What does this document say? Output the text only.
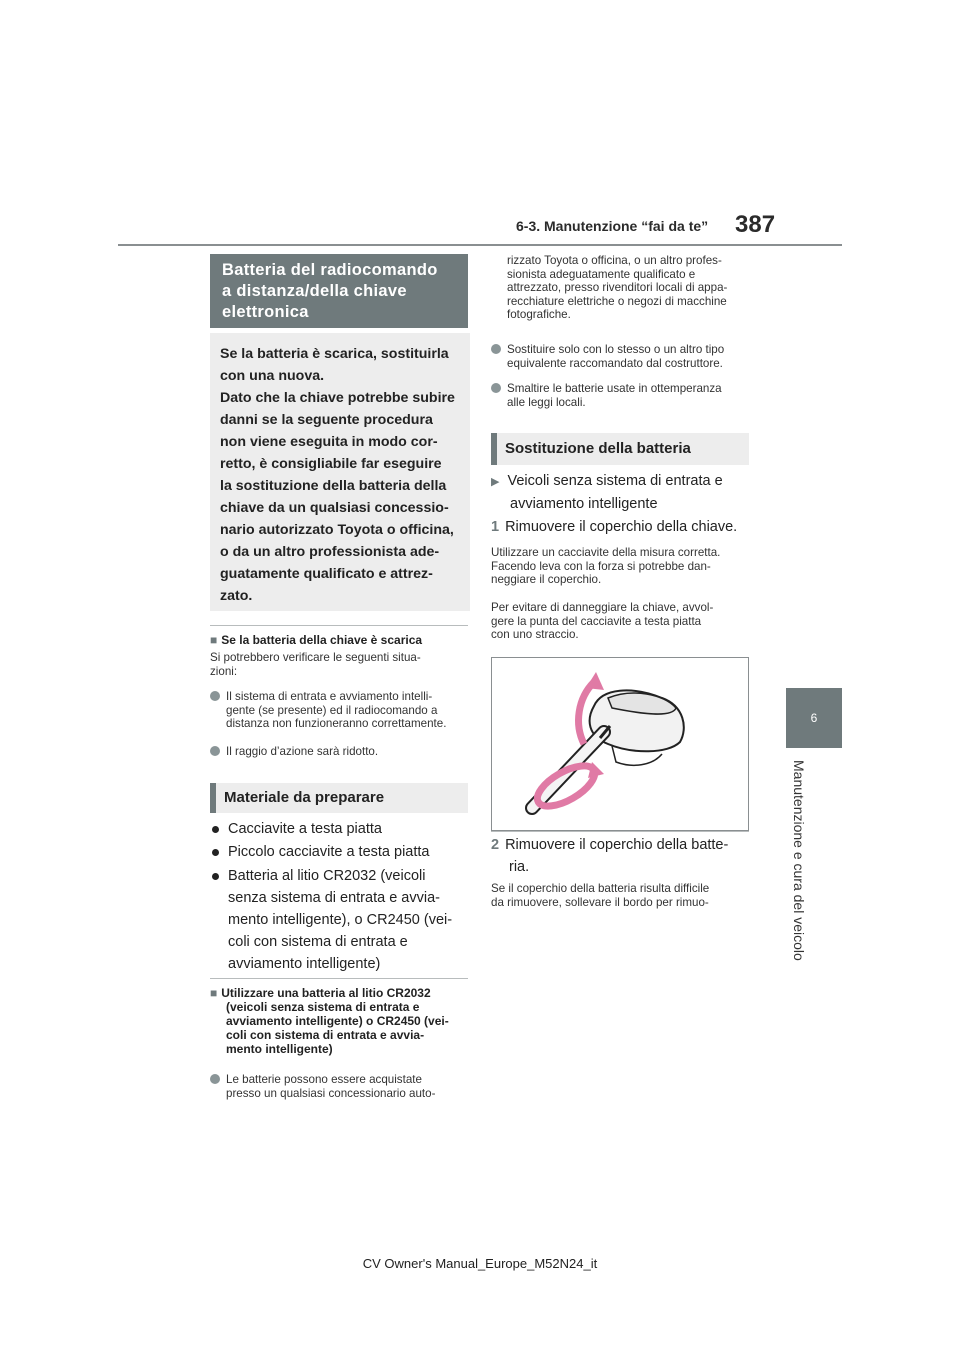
6-3. Manutenzione “fai da te” 387
6
Manutenzione e cura del veicolo
Batteria del radiocomando
a distanza/della chiave
elettronica

Se la batteria è scarica, sostituirla

con una nuova.

Dato che la chiave potrebbe subire

danni se la seguente procedura

non viene eseguita in modo cor-

retto, è consigliabile far eseguire

la sostituzione della batteria della

chiave da un qualsiasi concessio-

nario autorizzato Toyota o officina,

o da un altro professionista ade-

guatamente qualificato e attrez-

zato.

■ Se la batteria della chiave è scarica
Si potrebbero verificare le seguenti situa-
zioni:
Il sistema di entrata e avviamento intelli-
gente (se presente) ed il radiocomando a
distanza non funzioneranno correttamente.
Il raggio d’azione sarà ridotto.
Materiale da preparare
Cacciavite a testa piatta
Piccolo cacciavite a testa piatta
Batteria al litio CR2032 (veicoli
senza sistema di entrata e avvia-
mento intelligente), o CR2450 (vei-
coli con sistema di entrata e
avviamento intelligente)
■ Utilizzare una batteria al litio CR2032
(veicoli senza sistema di entrata e
avviamento intelligente) o CR2450 (vei-
coli con sistema di entrata e avvia-
mento intelligente)
Le batterie possono essere acquistate
presso un qualsiasi concessionario auto-
rizzato Toyota o officina, o un altro profes-
sionista adeguatamente qualificato e
attrezzato, presso rivenditori locali di appa-
recchiature elettriche o negozi di macchine
fotografiche.
Sostituire solo con lo stesso o un altro tipo
equivalente raccomandato dal costruttore.
Smaltire le batterie usate in ottemperanza
alle leggi locali.
Sostituzione della batteria
▶ Veicoli senza sistema di entrata e
avviamento intelligente
1 Rimuovere il coperchio della chiave.
Utilizzare un cacciavite della misura corretta.
Facendo leva con la forza si potrebbe dan-
neggiare il coperchio.
Per evitare di danneggiare la chiave, avvol-
gere la punta del cacciavite a testa piatta
con uno straccio.
2 Rimuovere il coperchio della batte-
ria.
Se il coperchio della batteria risulta difficile
da rimuovere, sollevare il bordo per rimuo-
CV Owner's Manual_Europe_M52N24_it
